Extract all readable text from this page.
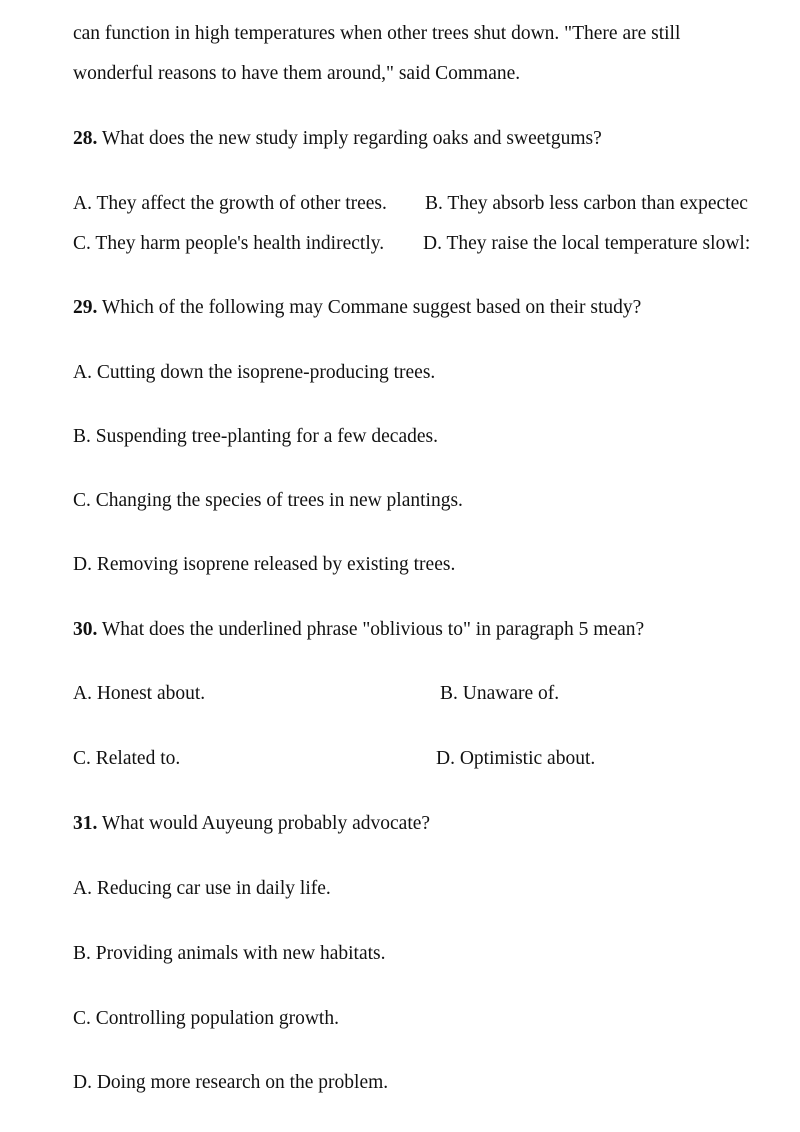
can function in high temperatures when other trees shut down. "There are still
wonderful reasons to have them around," said Commane.
28. What does the new study imply regarding oaks and sweetgums?
A. They affect the growth of other trees. B. They absorb less carbon than expectec
C. They harm people's health indirectly. D. They raise the local temperature slowl:
29. Which of the following may Commane suggest based on their study?
A. Cutting down the isoprene-producing trees.
B. Suspending tree-planting for a few decades.
C. Changing the species of trees in new plantings.
D. Removing isoprene released by existing trees.
30. What does the underlined phrase "oblivious to" in paragraph 5 mean?
A. Honest about.	B. Unaware of.
C. Related to.	D. Optimistic about.
31. What would Auyeung probably advocate?
A. Reducing car use in daily life.
B. Providing animals with new habitats.
C. Controlling population growth.
D. Doing more research on the problem.
